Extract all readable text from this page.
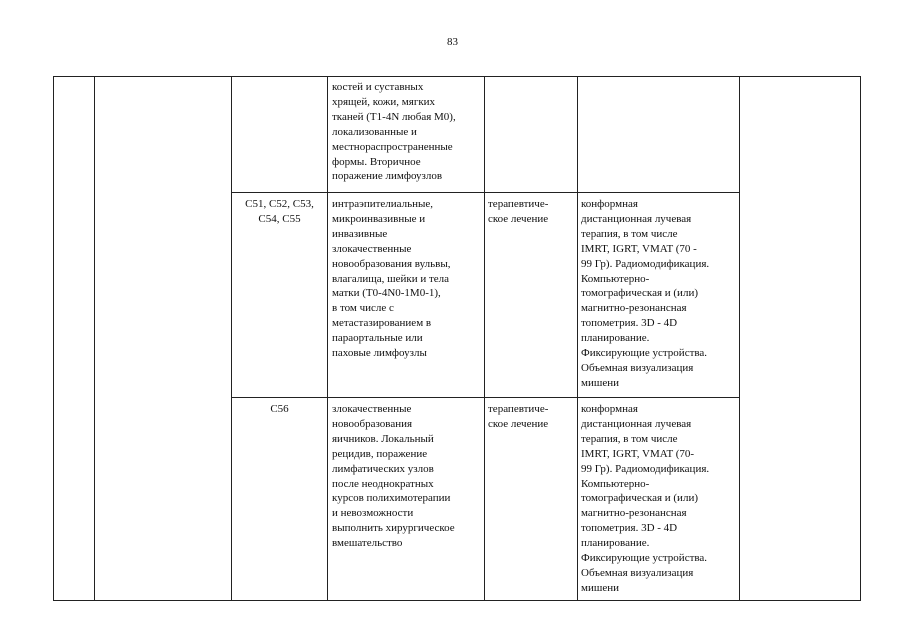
83
костей и суставных
хрящей, кожи, мягких
тканей (Т1-4N любая М0),
локализованные и
местнораспространенные
формы. Вторичное
поражение лимфоузлов
C51, C52, C53,
C54, C55
интраэпителиальные,
микроинвазивные и
инвазивные
злокачественные
новообразования вульвы,
влагалища, шейки и тела
матки (Т0-4N0-1М0-1),
в том числе с
метастазированием в
параортальные или
паховые лимфоузлы
терапевтиче-
ское лечение
конформная
дистанционная лучевая
терапия, в том числе
IMRT, IGRT, VMAT (70 -
99 Гр). Радиомодификация.
Компьютерно-
томографическая и (или)
магнитно-резонансная
топометрия. 3D - 4D
планирование.
Фиксирующие устройства.
Объемная визуализация
мишени
C56	злокачественные
новообразования
яичников. Локальный
рецидив, поражение
лимфатических узлов
после неоднократных
курсов полихимотерапии
и невозможности
выполнить хирургическое
вмешательство
терапевтиче-
ское лечение
конформная
дистанционная лучевая
терапия, в том числе
IMRT, IGRT, VMAT (70-
99 Гр). Радиомодификация.
Компьютерно-
томографическая и (или)
магнитно-резонансная
топометрия. 3D - 4D
планирование.
Фиксирующие устройства.
Объемная визуализация
мишени
